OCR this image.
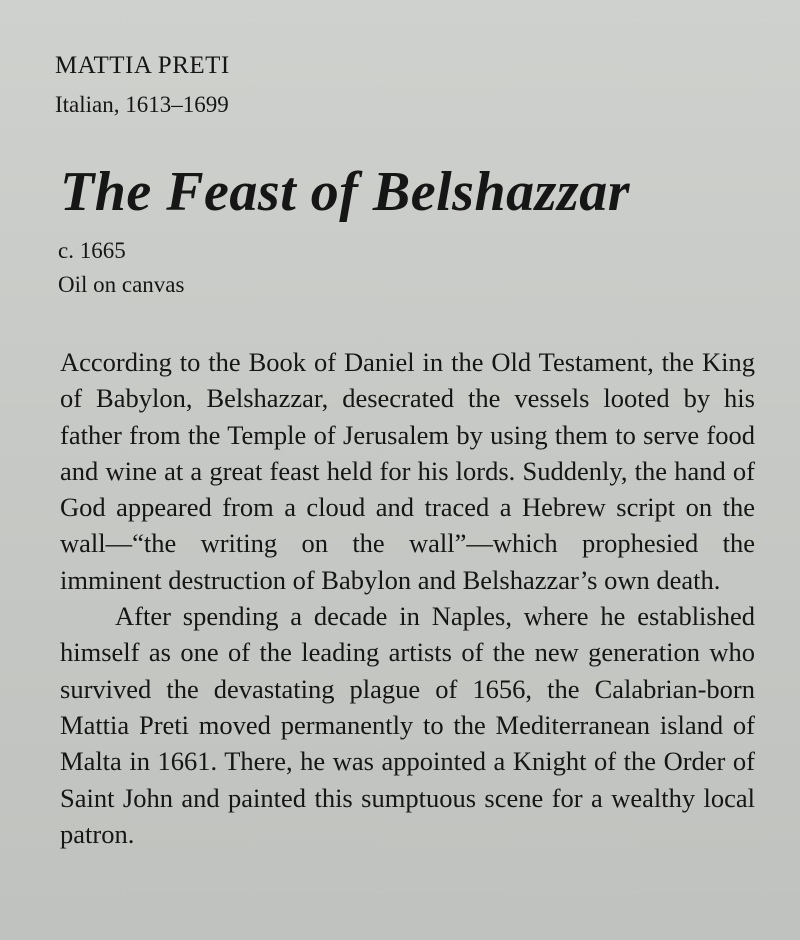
MATTIA PRETI
Italian, 1613–1699
The Feast of Belshazzar
c. 1665
Oil on canvas

According to the Book of Daniel in the Old Testament, the King of Babylon, Belshazzar, desecrated the vessels looted by his father from the Temple of Jerusalem by using them to serve food and wine at a great feast held for his lords. Suddenly, the hand of God appeared from a cloud and traced a Hebrew script on the wall—“the writing on the wall”—which prophesied the imminent destruction of Babylon and Belshazzar’s own death.

After spending a decade in Naples, where he established himself as one of the leading artists of the new generation who survived the devastating plague of 1656, the Calabrian-born Mattia Preti moved permanently to the Mediterranean island of Malta in 1661. There, he was appointed a Knight of the Order of Saint John and painted this sumptuous scene for a wealthy local patron.
